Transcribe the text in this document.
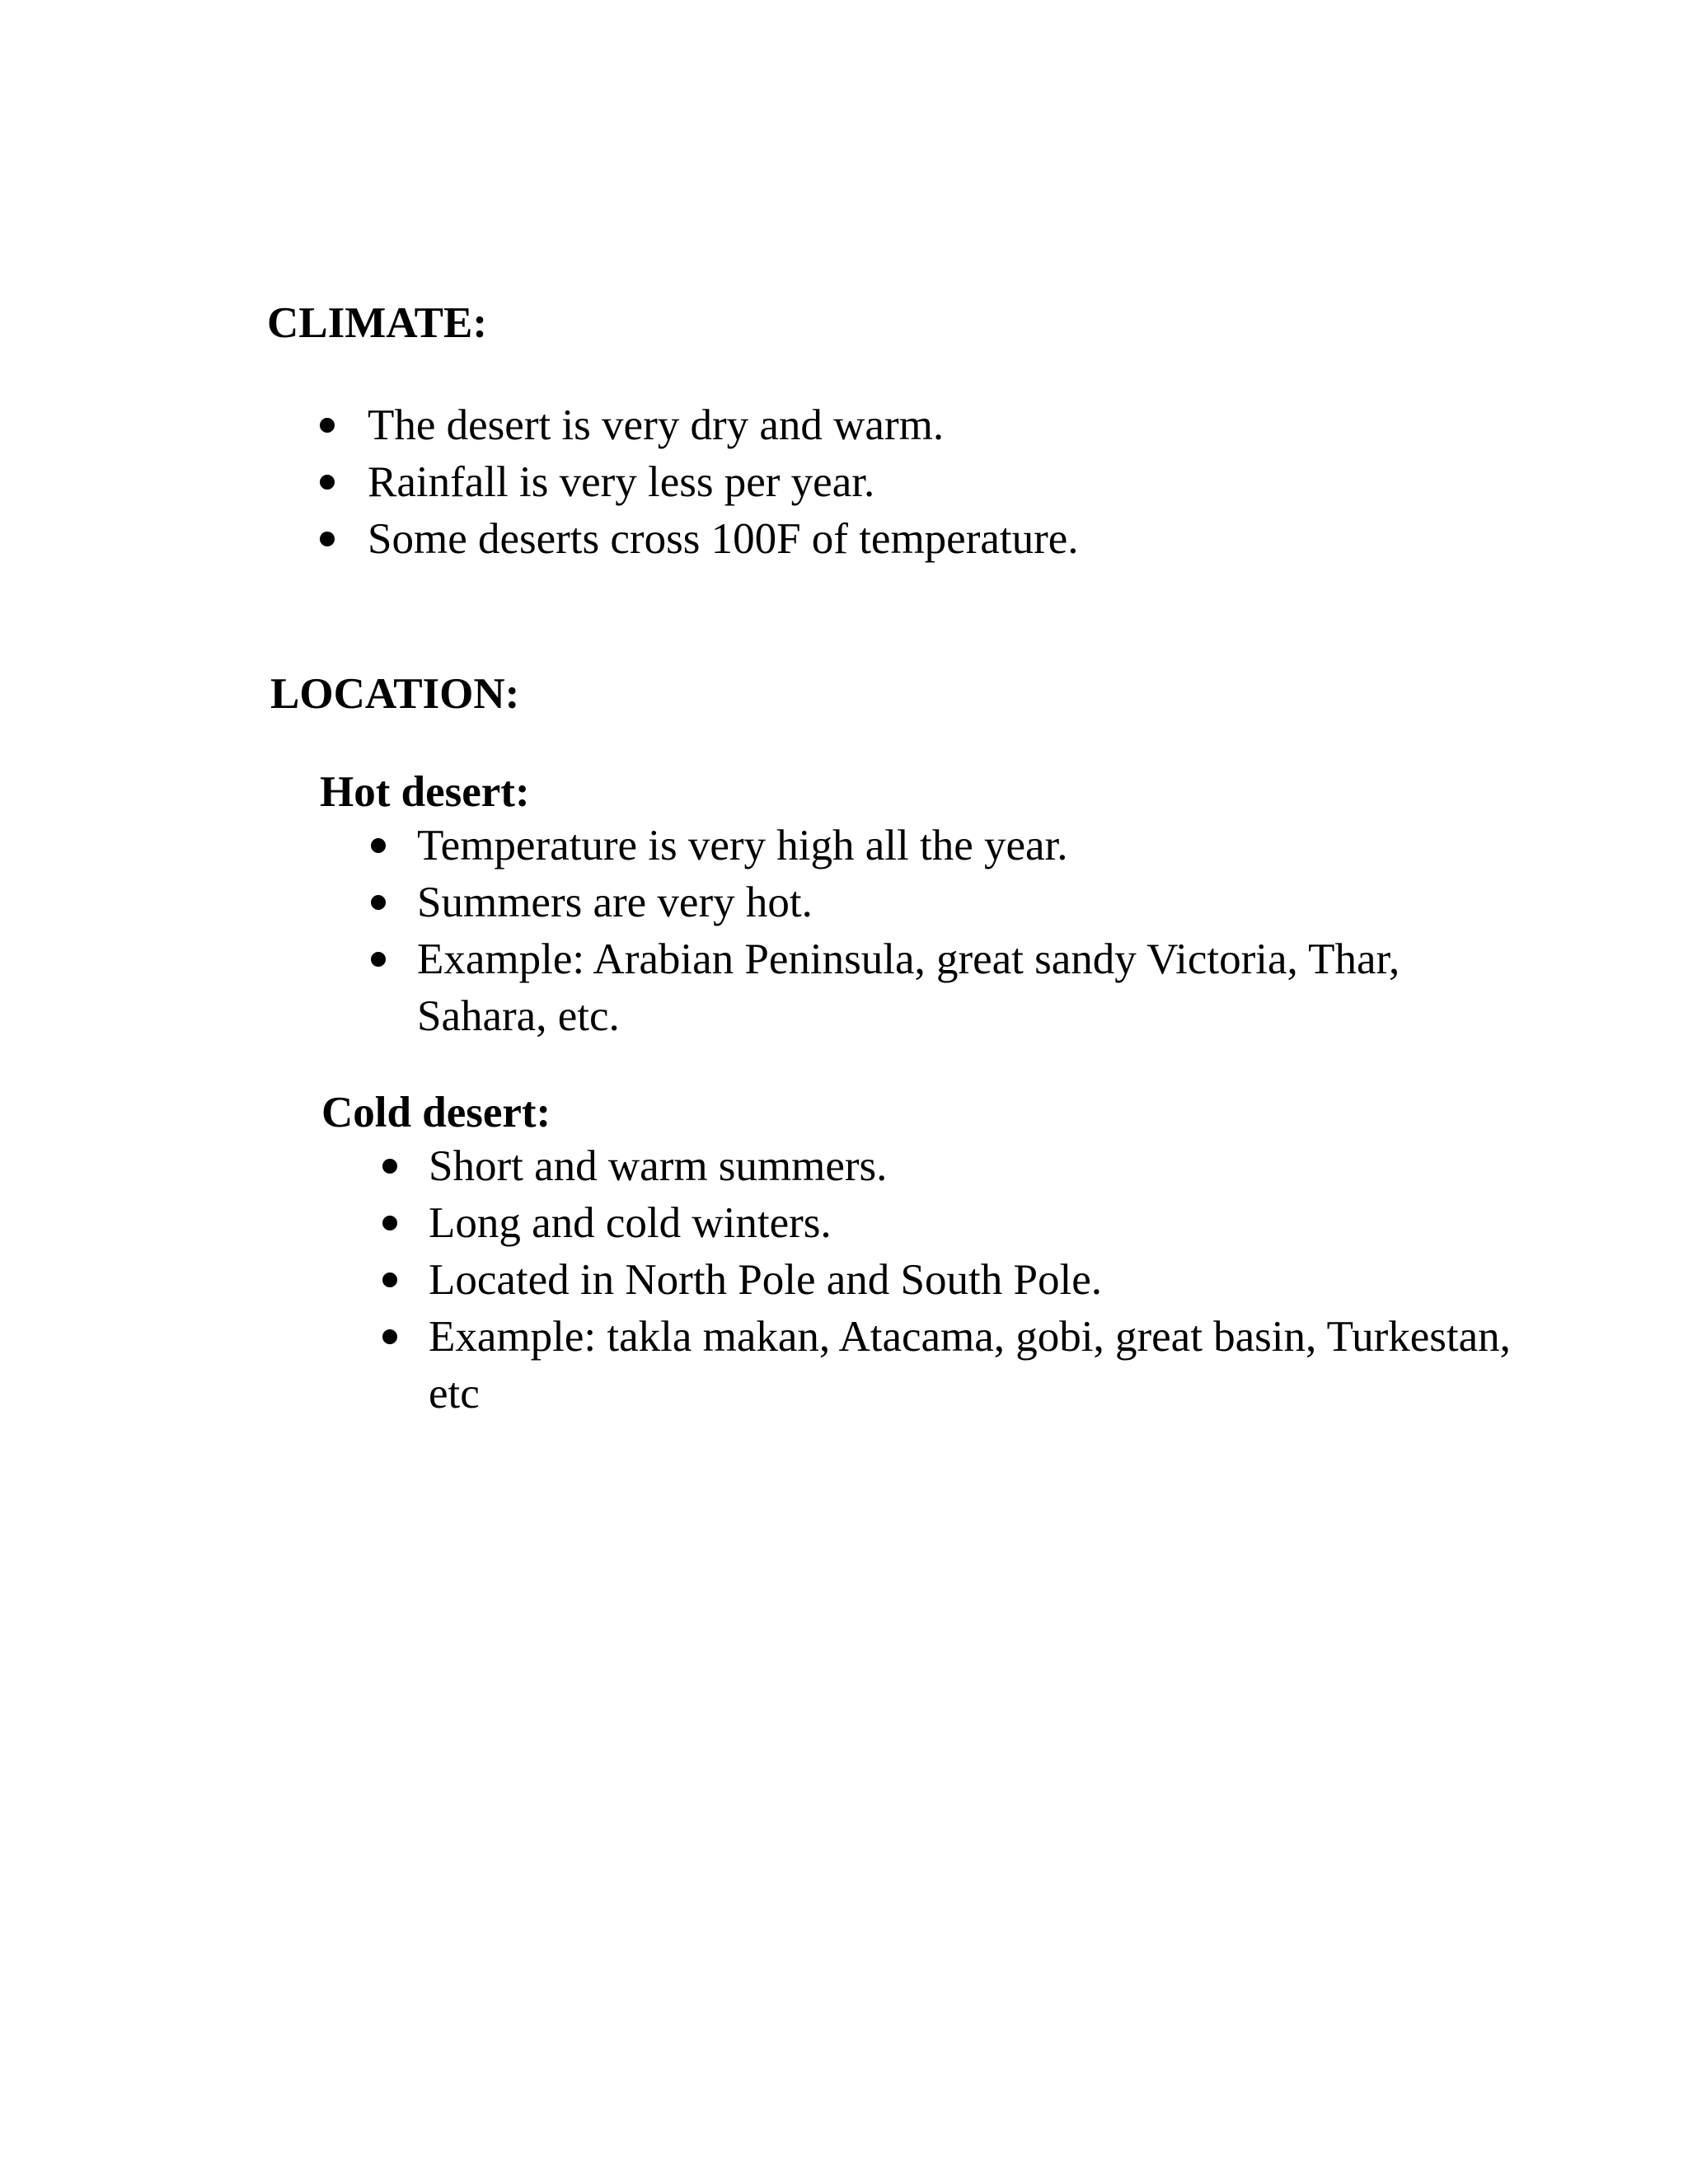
CLIMATE:
The desert is very dry and warm.
Rainfall is very less per year.
Some deserts cross 100F of temperature.
LOCATION:
Hot desert:
Temperature is very high all the year.
Summers are very hot.
Example: Arabian Peninsula, great sandy Victoria, Thar, Sahara, etc.
Cold desert:
Short and warm summers.
Long and cold winters.
Located in North Pole and South Pole.
Example: takla makan, Atacama, gobi, great basin, Turkestan, etc
